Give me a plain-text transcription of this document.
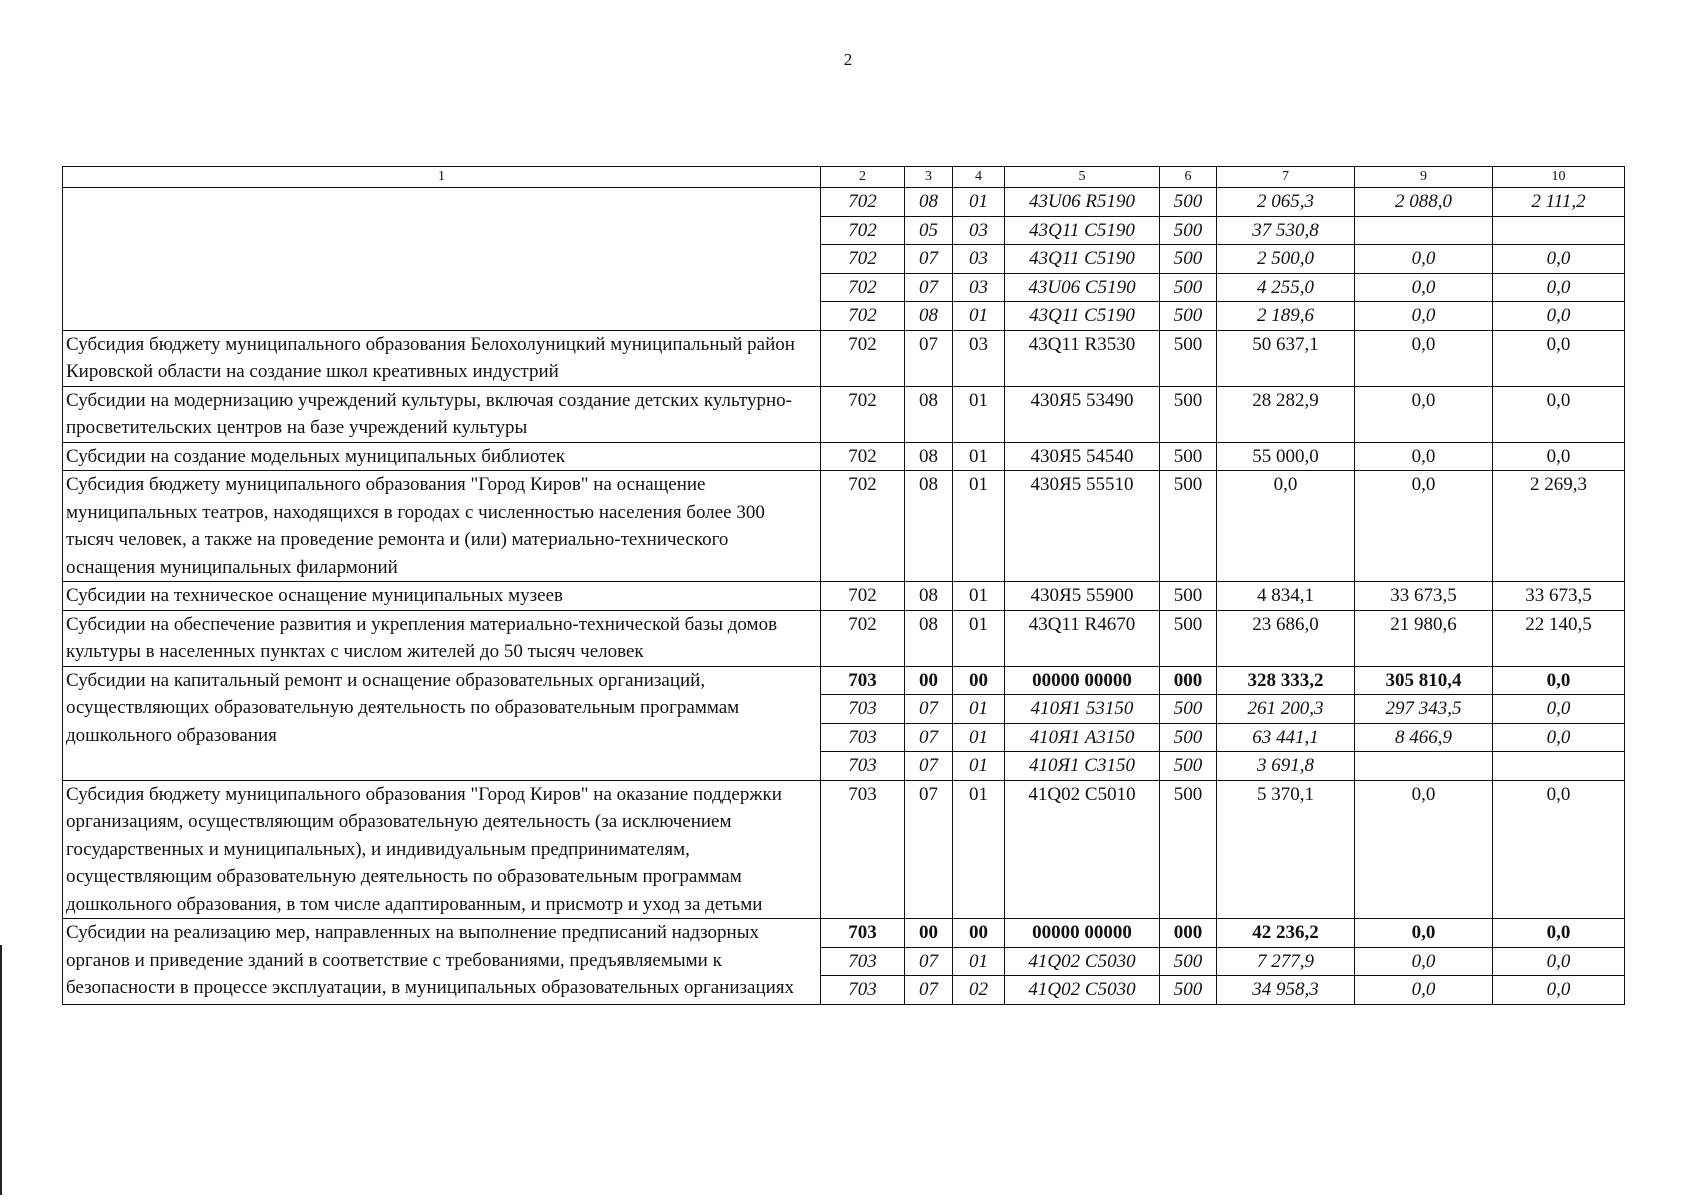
2
1	2	3	4	5	6	7	9	10
	702	08	01	43U06 R5190	500	2 065,3	2 088,0	2 111,2
	702	05	03	43Q11 C5190	500	37 530,8		
	702	07	03	43Q11 C5190	500	2 500,0	0,0	0,0
	702	07	03	43U06 C5190	500	4 255,0	0,0	0,0
	702	08	01	43Q11 C5190	500	2 189,6	0,0	0,0
Субсидия бюджету муниципального образования Белохолуницкий муниципальный район Кировской области на создание школ креативных индустрий	702	07	03	43Q11 R3530	500	50 637,1	0,0	0,0
Субсидии на модернизацию учреждений культуры, включая создание детских культурно-просветительских центров на базе учреждений культуры	702	08	01	430Я5 53490	500	28 282,9	0,0	0,0
Субсидии на создание модельных муниципальных библиотек	702	08	01	430Я5 54540	500	55 000,0	0,0	0,0
Субсидия бюджету муниципального образования "Город Киров" на оснащение муниципальных театров, находящихся в городах с численностью населения более 300 тысяч человек, а также на проведение ремонта и (или) материально-технического оснащения муниципальных филармоний	702	08	01	430Я5 55510	500	0,0	0,0	2 269,3
Субсидии на техническое оснащение муниципальных музеев	702	08	01	430Я5 55900	500	4 834,1	33 673,5	33 673,5
Субсидии на обеспечение развития и укрепления материально-технической базы домов культуры в населенных пунктах с числом жителей до 50 тысяч человек	702	08	01	43Q11 R4670	500	23 686,0	21 980,6	22 140,5
Субсидии на капитальный ремонт и оснащение образовательных организаций, осуществляющих образовательную деятельность по образовательным программам дошкольного образования	703	00	00	00000 00000	000	328 333,2	305 810,4	0,0
	703	07	01	410Я1 53150	500	261 200,3	297 343,5	0,0
	703	07	01	410Я1 A3150	500	63 441,1	8 466,9	0,0
	703	07	01	410Я1 C3150	500	3 691,8		
Субсидия бюджету муниципального образования "Город Киров" на оказание поддержки организациям, осуществляющим образовательную деятельность (за исключением государственных и муниципальных), и индивидуальным предпринимателям, осуществляющим образовательную деятельность по образовательным программам дошкольного образования, в том числе адаптированным, и присмотр и уход за детьми	703	07	01	41Q02 C5010	500	5 370,1	0,0	0,0
Субсидии на реализацию мер, направленных на выполнение предписаний надзорных органов и приведение зданий в соответствие с требованиями, предъявляемыми к безопасности в процессе эксплуатации, в муниципальных образовательных организациях	703	00	00	00000 00000	000	42 236,2	0,0	0,0
	703	07	01	41Q02 C5030	500	7 277,9	0,0	0,0
	703	07	02	41Q02 C5030	500	34 958,3	0,0	0,0
